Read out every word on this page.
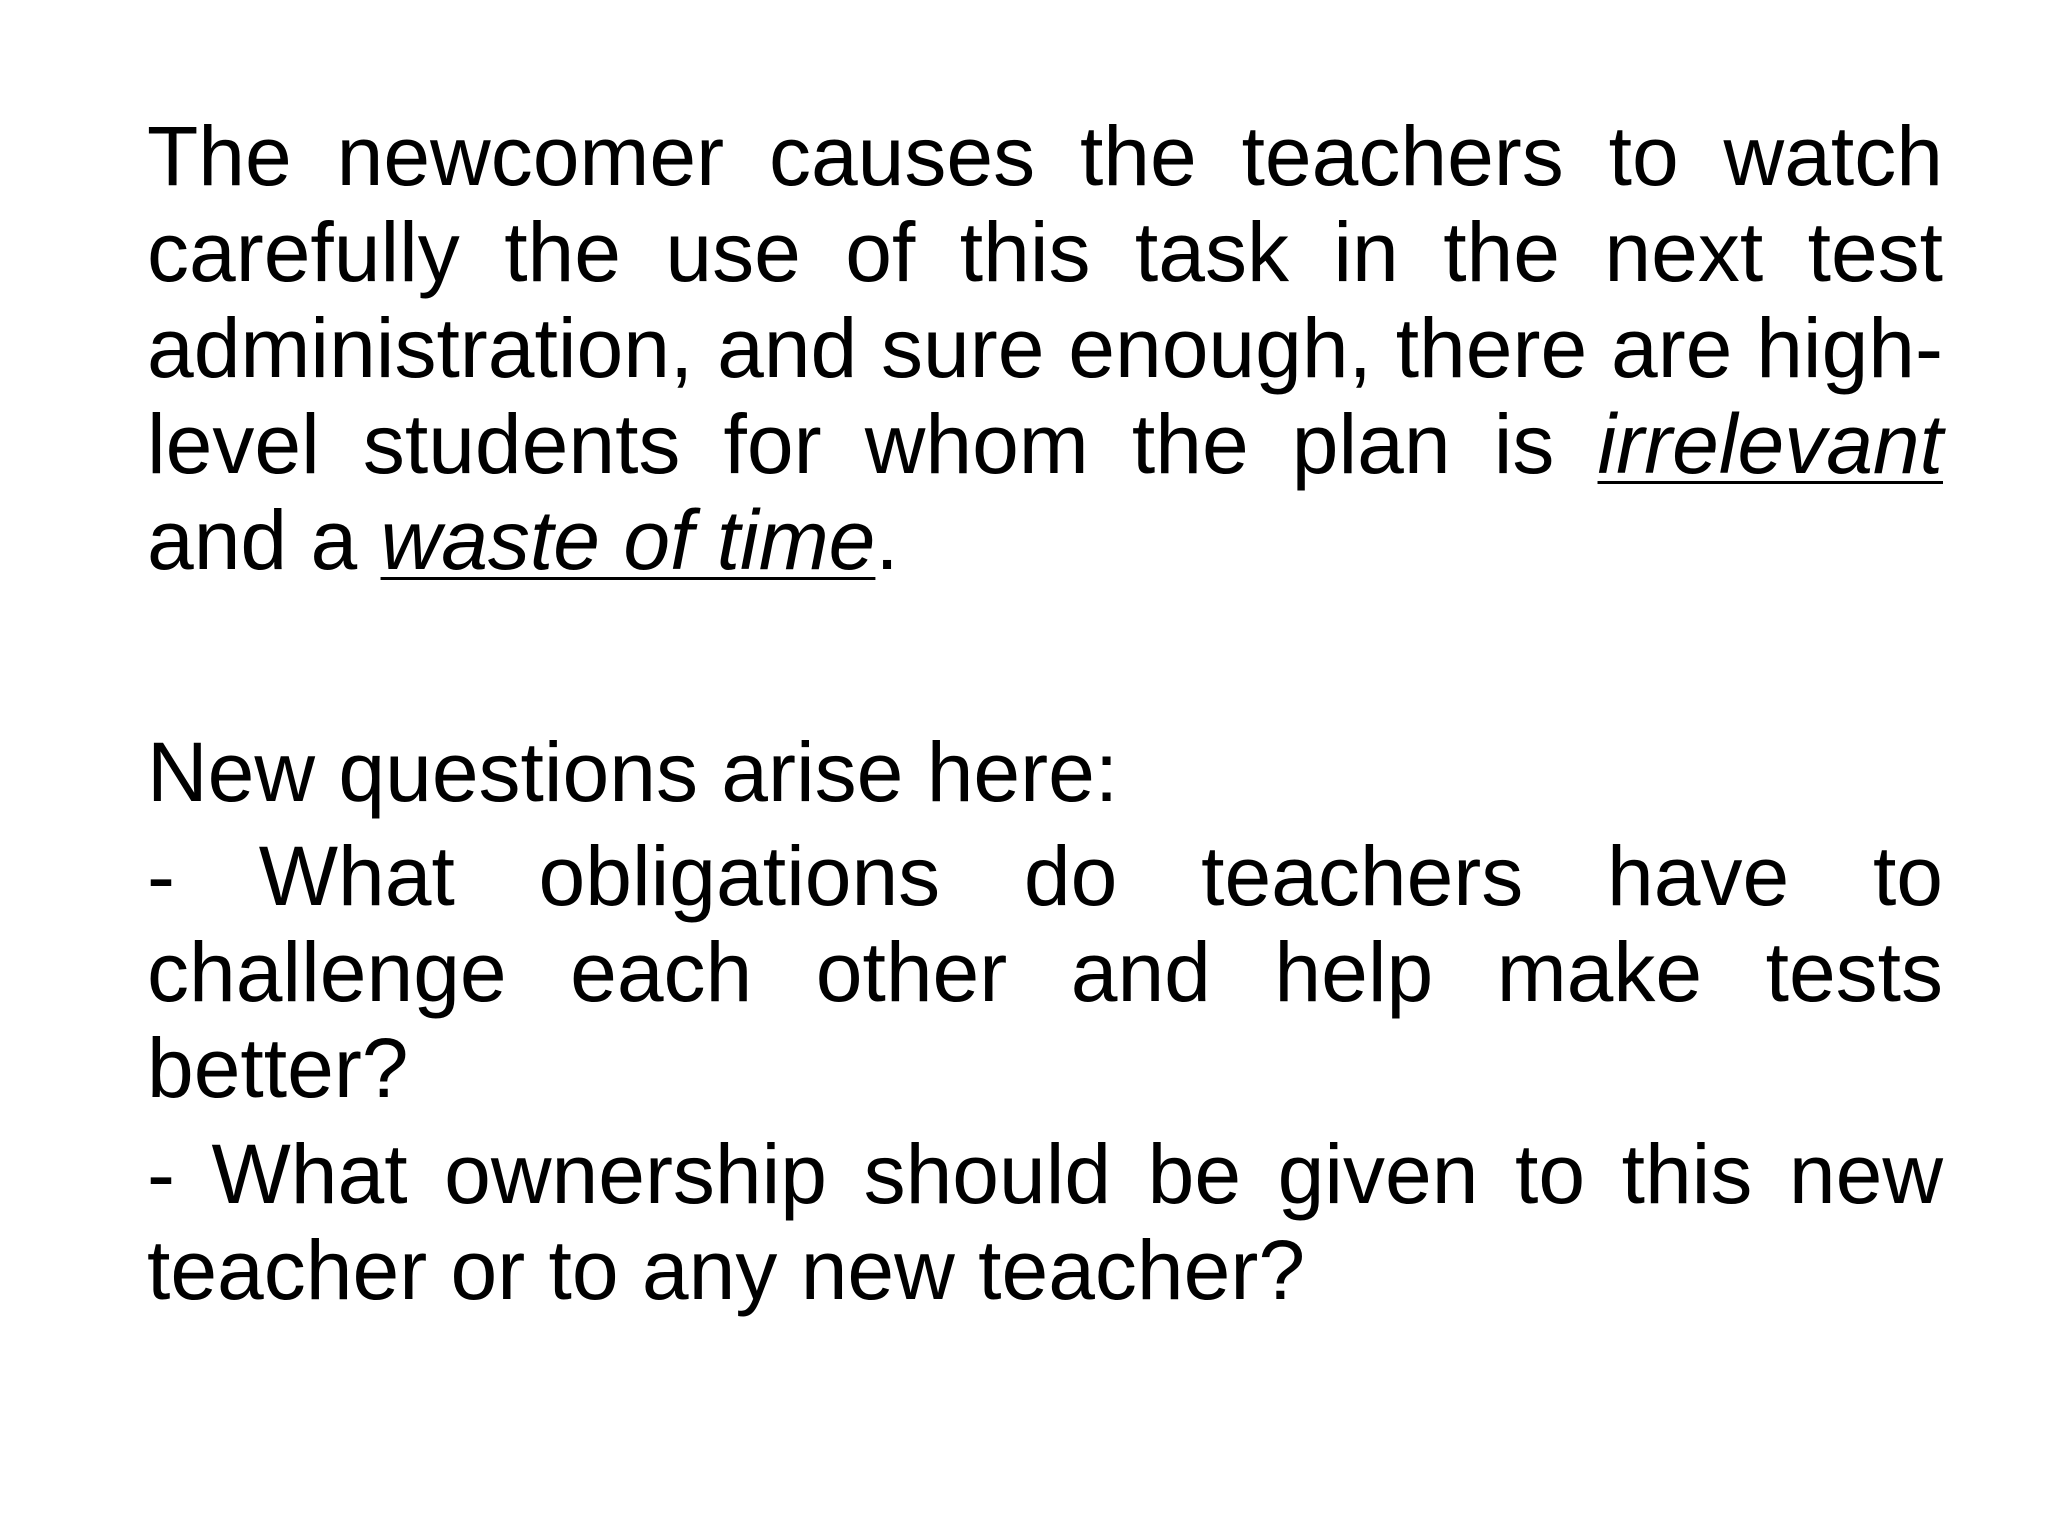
The newcomer causes the teachers to watch carefully the use of this task in the next test administration, and sure enough, there are high-level students for whom the plan is irrelevant and a waste of time.

New questions arise here:

- What obligations do teachers have to challenge each other and help make tests better?

- What ownership should be given to this new teacher or to any new teacher?
